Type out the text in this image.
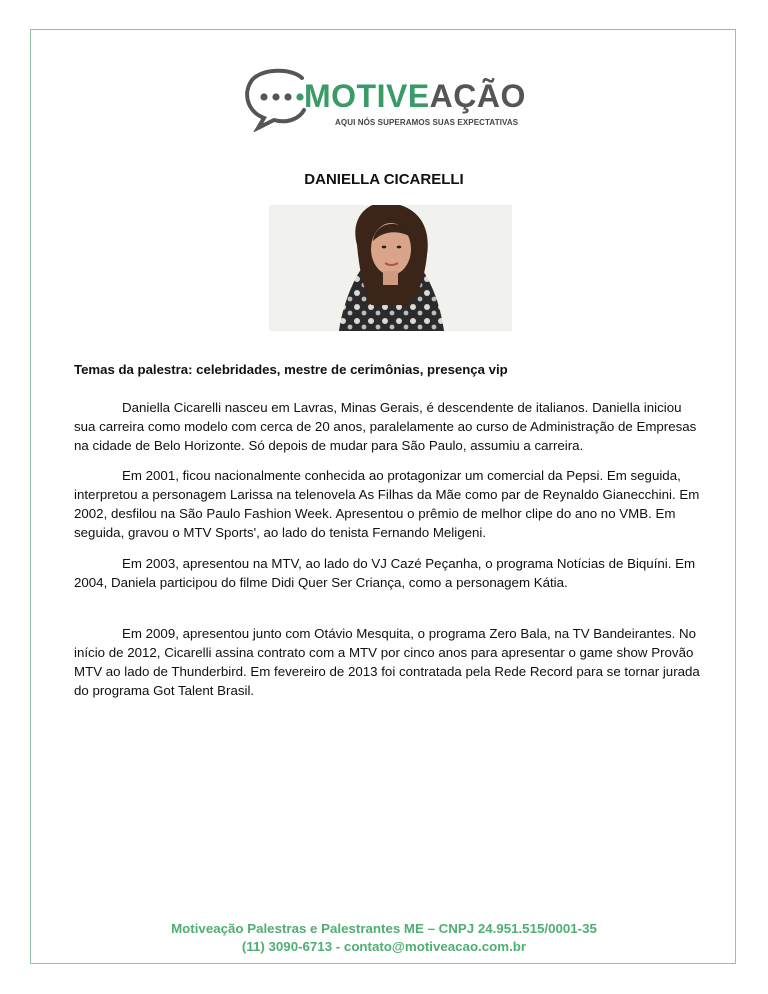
MOTIVEAÇÃO
AQUI NÓS SUPERAMOS SUAS EXPECTATIVAS
DANIELLA CICARELLI
Temas da palestra: celebridades, mestre de cerimônias, presença vip

Daniella Cicarelli nasceu em Lavras, Minas Gerais, é descendente de italianos. Daniella iniciou sua carreira como modelo com cerca de 20 anos, paralelamente ao curso de Administração de Empresas na cidade de Belo Horizonte. Só depois de mudar para São Paulo, assumiu a carreira.

Em 2001, ficou nacionalmente conhecida ao protagonizar um comercial da Pepsi. Em seguida, interpretou a personagem Larissa na telenovela As Filhas da Mãe como par de Reynaldo Gianecchini. Em 2002, desfilou na São Paulo Fashion Week. Apresentou o prêmio de melhor clipe do ano no VMB. Em seguida, gravou o MTV Sports', ao lado do tenista Fernando Meligeni.

Em 2003, apresentou na MTV, ao lado do VJ Cazé Peçanha, o programa Notícias de Biquíni. Em 2004, Daniela participou do filme Didi Quer Ser Criança, como a personagem Kátia.

Em 2009, apresentou junto com Otávio Mesquita, o programa Zero Bala, na TV Bandeirantes. No início de 2012, Cicarelli assina contrato com a MTV por cinco anos para apresentar o game show Provão MTV ao lado de Thunderbird. Em fevereiro de 2013 foi contratada pela Rede Record para se tornar jurada do programa Got Talent Brasil.

Motiveação Palestras e Palestrantes ME – CNPJ 24.951.515/0001-35
(11) 3090-6713 - contato@motiveacao.com.br
